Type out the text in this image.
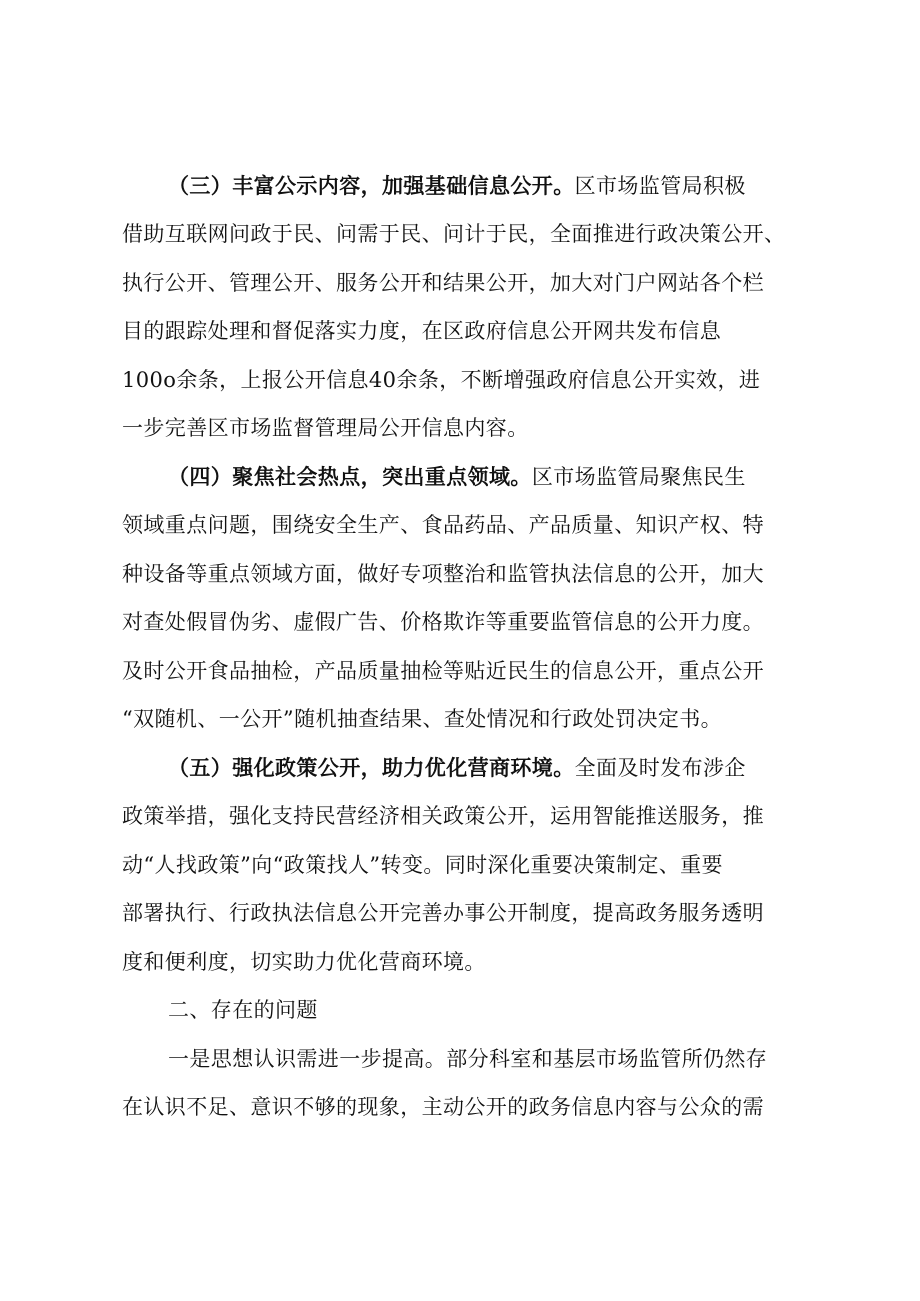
（三）丰富公示内容，加强基础信息公开。区市场监管局积极
借助互联网问政于民、问需于民、问计于民，全面推进行政决策公开、
执行公开、管理公开、服务公开和结果公开，加大对门户网站各个栏
目的跟踪处理和督促落实力度，在区政府信息公开网共发布信息
100o余条，上报公开信息40余条，不断增强政府信息公开实效，进
一步完善区市场监督管理局公开信息内容。
（四）聚焦社会热点，突出重点领域。区市场监管局聚焦民生
领域重点问题，围绕安全生产、食品药品、产品质量、知识产权、特
种设备等重点领域方面，做好专项整治和监管执法信息的公开，加大
对查处假冒伪劣、虚假广告、价格欺诈等重要监管信息的公开力度。
及时公开食品抽检，产品质量抽检等贴近民生的信息公开，重点公开
“双随机、一公开”随机抽查结果、查处情况和行政处罚决定书。
（五）强化政策公开，助力优化营商环境。全面及时发布涉企
政策举措，强化支持民营经济相关政策公开，运用智能推送服务，推
动“人找政策”向“政策找人”转变。同时深化重要决策制定、重要
部署执行、行政执法信息公开完善办事公开制度，提高政务服务透明
度和便利度，切实助力优化营商环境。
二、存在的问题
一是思想认识需进一步提高。部分科室和基层市场监管所仍然存
在认识不足、意识不够的现象，主动公开的政务信息内容与公众的需
